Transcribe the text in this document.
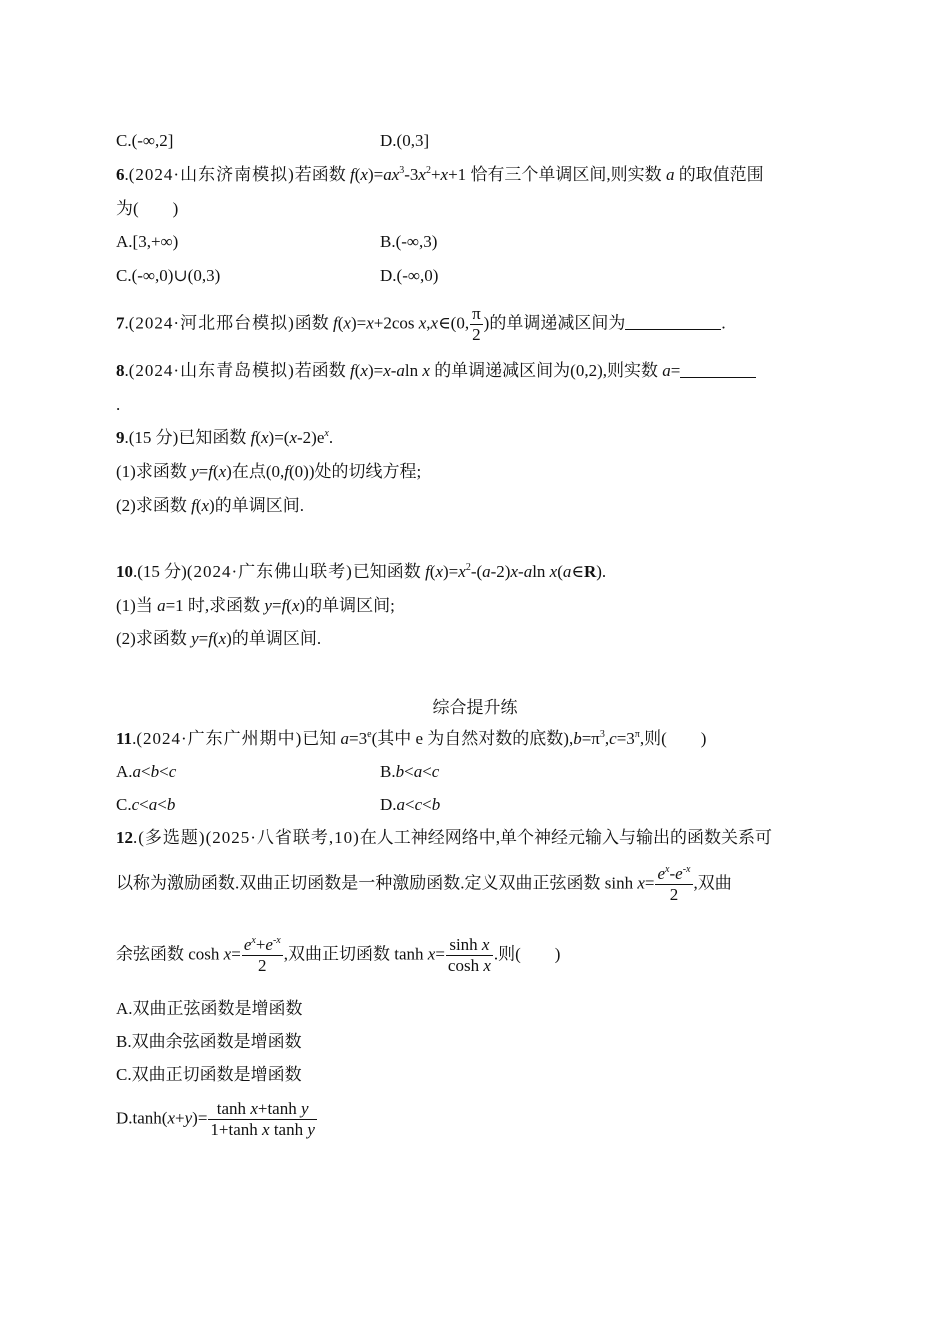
C.(-∞,2]	D.(0,3]
6.(2024·山东济南模拟)若函数 $f(x)=ax^3-3x^2+x+1$ 恰有三个单调区间,则实数 a 的取值范围
为(　　)
A.[3,+∞)	B.(-∞,3)
C.(-∞,0)∪(0,3)	D.(-∞,0)
7.(2024·河北邢台模拟)函数 f(x)=x+2cos x,x∈(0, $\frac{\pi}{2}$ )的单调递减区间为	.
8.(2024·山东青岛模拟)若函数 f(x)=x-aln x 的单调递减区间为(0,2),则实数 a=
.
9.(15 分)已知函数 $f(x)=(x-2)e^x$.
(1)求函数 y=f(x)在点(0,f(0))处的切线方程;
(2)求函数 f(x)的单调区间.
10.(15 分)(2024·广东佛山联考)已知函数 $f(x)=x^2-(a-2)x$-aln x(a∈R).
(1)当 a=1 时,求函数 y=f(x)的单调区间;
(2)求函数 y=f(x)的单调区间.
综合提升练
11.(2024·广东广州期中)已知 $a=3^e$(其中 e 为自然对数的底数)$,b=\pi^3,c=3^\pi$,则(　　)
A.a<b<c	B.b<a<c
C.c<a<b	D.a<c<b
12.(多选题)(2025·八省联考,10)在人工神经网络中,单个神经元输入与输出的函数关系可
以称为激励函数.双曲正切函数是一种激励函数.定义双曲正弦函数 $\sinh x= \frac{e^x-e^{-x}}{2}$ ,双曲
余弦函数 $\cosh x= \frac{e^x+e^{-x}}{2}$ ,双曲正切函数 $\tanh x= \frac{\text{sinh x}}{\text{cosh x}}$ .则(　　)
A.双曲正弦函数是增函数
B.双曲余弦函数是增函数
C.双曲正切函数是增函数
$D.\tanh(x+y)= \frac{\text{tanh x+tanh y}}{\text{1+tanh x tanh y}}$
